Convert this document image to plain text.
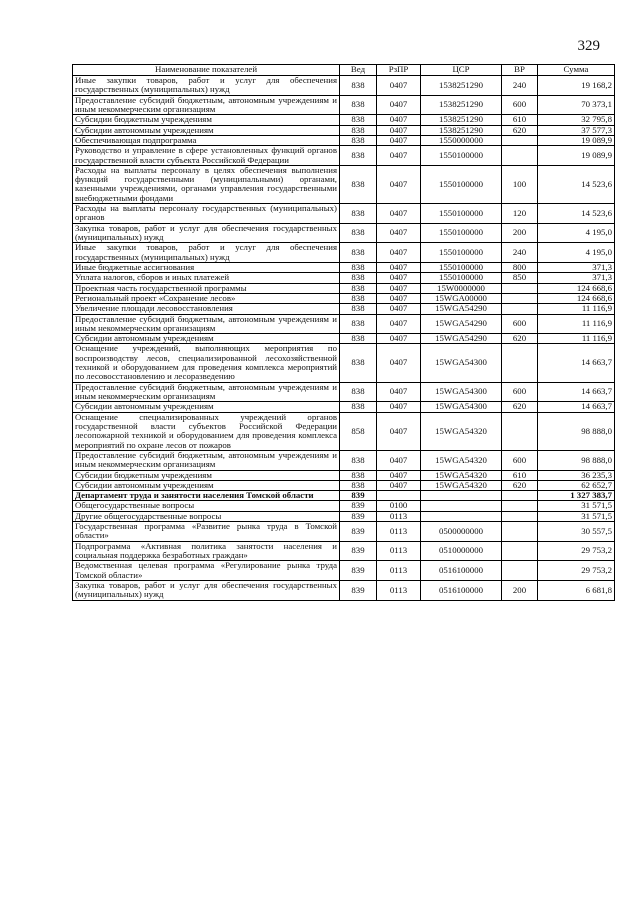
329
Наименование показателей	Вед	РзПР	ЦСР	ВР	Сумма
Иные закупки товаров, работ и услуг для обеспечения государственных (муниципальных) нужд	838	0407	1538251290	240	19 168,2
Предоставление субсидий бюджетным, автономным учреждениям и иным некоммерческим организациям	838	0407	1538251290	600	70 373,1
Субсидии бюджетным учреждениям	838	0407	1538251290	610	32 795,8
Субсидии автономным учреждениям	838	0407	1538251290	620	37 577,3
Обеспечивающая подпрограмма	838	0407	1550000000		19 089,9
Руководство и управление в сфере установленных функций органов государственной власти субъекта Российской Федерации	838	0407	1550100000		19 089,9
Расходы на выплаты персоналу в целях обеспечения выполнения функций государственными (муниципальными) органами, казенными учреждениями, органами управления государственными внебюджетными фондами	838	0407	1550100000	100	14 523,6
Расходы на выплаты персоналу государственных (муниципальных) органов	838	0407	1550100000	120	14 523,6
Закупка товаров, работ и услуг для обеспечения государственных (муниципальных) нужд	838	0407	1550100000	200	4 195,0
Иные закупки товаров, работ и услуг для обеспечения государственных (муниципальных) нужд	838	0407	1550100000	240	4 195,0
Иные бюджетные ассигнования	838	0407	1550100000	800	371,3
Уплата налогов, сборов и иных платежей	838	0407	1550100000	850	371,3
Проектная часть государственной программы	838	0407	15W0000000		124 668,6
Региональный проект «Сохранение лесов»	838	0407	15WGA00000		124 668,6
Увеличение площади лесовосстановления	838	0407	15WGA54290		11 116,9
Предоставление субсидий бюджетным, автономным учреждениям и иным некоммерческим организациям	838	0407	15WGA54290	600	11 116,9
Субсидии автономным учреждениям	838	0407	15WGA54290	620	11 116,9
Оснащение учреждений, выполняющих мероприятия по воспроизводству лесов, специализированной лесохозяйственной техникой и оборудованием для проведения комплекса мероприятий по лесовосстановлению и лесоразведению	838	0407	15WGA54300		14 663,7
Предоставление субсидий бюджетным, автономным учреждениям и иным некоммерческим организациям	838	0407	15WGA54300	600	14 663,7
Субсидии автономным учреждениям	838	0407	15WGA54300	620	14 663,7
Оснащение специализированных учреждений органов государственной власти субъектов Российской Федерации лесопожарной техникой и оборудованием для проведения комплекса мероприятий по охране лесов от пожаров	858	0407	15WGA54320		98 888,0
Предоставление субсидий бюджетным, автономным учреждениям и иным некоммерческим организациям	838	0407	15WGA54320	600	98 888,0
Субсидии бюджетным учреждениям	838	0407	15WGA54320	610	36 235,3
Субсидии автономным учреждениям	838	0407	15WGA54320	620	62 652,7
Департамент труда и занятости населения Томской области	839				1 327 383,7
Общегосударственные вопросы	839	0100			31 571,5
Другие общегосударственные вопросы	839	0113			31 571,5
Государственная программа «Развитие рынка труда в Томской области»	839	0113	0500000000		30 557,5
Подпрограмма «Активная политика занятости населения и социальная поддержка безработных граждан»	839	0113	0510000000		29 753,2
Ведомственная целевая программа «Регулирование рынка труда Томской области»	839	0113	0516100000		29 753,2
Закупка товаров, работ и услуг для обеспечения государственных (муниципальных) нужд	839	0113	0516100000	200	6 681,8
